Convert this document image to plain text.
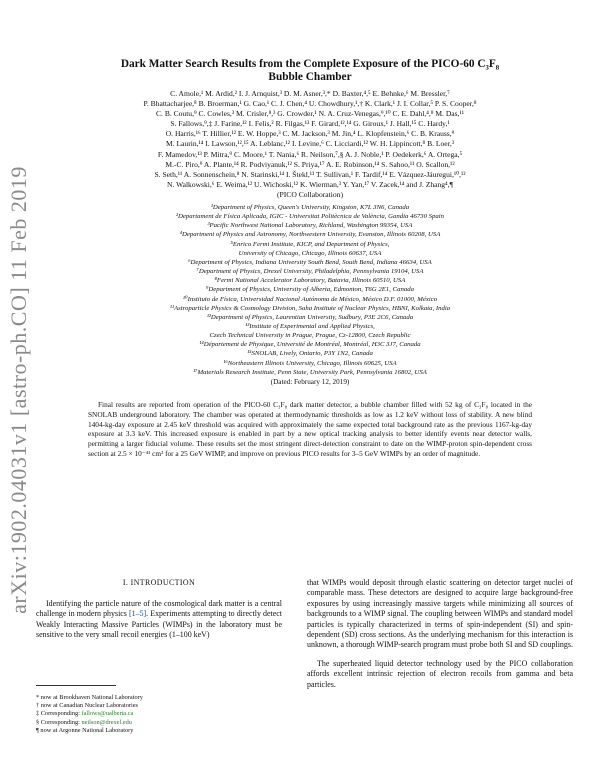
arXiv:1902.04031v1 [astro-ph.CO] 11 Feb 2019
Dark Matter Search Results from the Complete Exposure of the PICO-60 C₃F₈
Bubble Chamber
C. Amole,¹ M. Ardid,² I. J. Arnquist,³ D. M. Asner,³,* D. Baxter,⁴,⁵ E. Behnke,⁶ M. Bressler,⁷
P. Bhattacharjee,⁸ B. Broerman,¹ G. Cao,¹ C. J. Chen,⁴ U. Chowdhury,¹,† K. Clark,¹ J. I. Collar,⁵ P. S. Cooper,⁸
C. B. Coutu,⁹ C. Cowles,³ M. Crisler,⁸,³ G. Crowder,¹ N. A. Cruz-Venegas,⁹,¹⁰ C. E. Dahl,⁴,⁸ M. Das,¹¹
S. Fallows,⁹,‡ J. Farine,¹² I. Felis,² R. Filgas,¹³ F. Girard,¹²,¹⁴ G. Giroux,¹ J. Hall,¹⁵ C. Hardy,¹
O. Harris,¹⁶ T. Hillier,¹² E. W. Hoppe,³ C. M. Jackson,³ M. Jin,⁴ L. Klopfenstein,⁶ C. B. Krauss,⁹
M. Laurin,¹⁴ I. Lawson,¹²,¹⁵ A. Leblanc,¹² I. Levine,⁶ C. Licciardi,¹² W. H. Lippincott,⁸ B. Loer,³
F. Mamedov,¹³ P. Mitra,⁹ C. Moore,¹ T. Nania,⁶ R. Neilson,⁷,§ A. J. Noble,¹ P. Oedekerk,⁶ A. Ortega,⁵
M.-C. Piro,⁹ A. Plante,¹⁴ R. Podviyanuk,¹² S. Priya,¹⁷ A. E. Robinson,¹⁴ S. Sahoo,¹¹ O. Scallon,¹²
S. Seth,¹¹ A. Sonnenschein,⁸ N. Starinski,¹⁴ I. Štekl,¹³ T. Sullivan,¹ F. Tardif,¹⁴ E. Vázquez-Jáuregui,¹⁰,¹²
N. Walkowski,⁶ E. Weima,¹² U. Wichoski,¹² K. Wierman,³ Y. Yan,¹⁷ V. Zacek,¹⁴ and J. Zhang⁴,¶
(PICO Collaboration)
¹Department of Physics, Queen's University, Kingston, K7L 3N6, Canada
²Departament de Física Aplicada, IGIC - Universitat Politècnica de València, Gandia 46730 Spain
³Pacific Northwest National Laboratory, Richland, Washington 99354, USA
⁴Department of Physics and Astronomy, Northwestern University, Evanston, Illinois 60208, USA
⁵Enrico Fermi Institute, KICP, and Department of Physics,
University of Chicago, Chicago, Illinois 60637, USA
⁶Department of Physics, Indiana University South Bend, South Bend, Indiana 46634, USA
⁷Department of Physics, Drexel University, Philadelphia, Pennsylvania 19104, USA
⁸Fermi National Accelerator Laboratory, Batavia, Illinois 60510, USA
⁹Department of Physics, University of Alberta, Edmonton, T6G 2E1, Canada
¹⁰Instituto de Física, Universidad Nacional Autónoma de México, México D.F. 01000, México
¹¹Astroparticle Physics & Cosmology Division, Saha Institute of Nuclear Physics, HBNI, Kolkata, India
¹²Department of Physics, Laurentian University, Sudbury, P3E 2C6, Canada
¹³Institute of Experimental and Applied Physics,
Czech Technical University in Prague, Prague, Cz-12800, Czech Republic
¹⁴Département de Physique, Université de Montréal, Montréal, H3C 3J7, Canada
¹⁵SNOLAB, Lively, Ontario, P3Y 1N2, Canada
¹⁶Northeastern Illinois University, Chicago, Illinois 60625, USA
¹⁷Materials Research Institute, Penn State, University Park, Pennsylvania 16802, USA
(Dated: February 12, 2019)

Final results are reported from operation of the PICO-60 C₃F₈ dark matter detector, a bubble chamber filled with 52 kg of C₃F₈ located in the SNOLAB underground laboratory. The chamber was operated at thermodynamic thresholds as low as 1.2 keV without loss of stability. A new blind 1404-kg-day exposure at 2.45 keV threshold was acquired with approximately the same expected total background rate as the previous 1167-kg-day exposure at 3.3 keV. This increased exposure is enabled in part by a new optical tracking analysis to better identify events near detector walls, permitting a larger fiducial volume. These results set the most stringent direct-detection constraint to date on the WIMP-proton spin-dependent cross section at 2.5 × 10⁻⁴¹ cm² for a 25 GeV WIMP, and improve on previous PICO results for 3–5 GeV WIMPs by an order of magnitude.

I. INTRODUCTION

Identifying the particle nature of the cosmological dark matter is a central challenge in modern physics [1–5]. Experiments attempting to directly detect Weakly Interacting Massive Particles (WIMPs) in the laboratory must be sensitive to the very small recoil energies (1–100 keV)

that WIMPs would deposit through elastic scattering on detector target nuclei of comparable mass. These detectors are designed to acquire large background-free exposures by using increasingly massive targets while minimizing all sources of backgrounds to a WIMP signal. The coupling between WIMPs and standard model particles is typically characterized in terms of spin-independent (SI) and spin-dependent (SD) cross sections. As the underlying mechanism for this interaction is unknown, a thorough WIMP-search program must probe both SI and SD couplings.

The superheated liquid detector technology used by the PICO collaboration affords excellent intrinsic rejection of electron recoils from gamma and beta particles.

* now at Brookhaven National Laboratory
† now at Canadian Nuclear Laboratories
‡ Corresponding: fallows@ualberta.ca
§ Corresponding: neilson@drexel.edu
¶ now at Argonne National Laboratory
